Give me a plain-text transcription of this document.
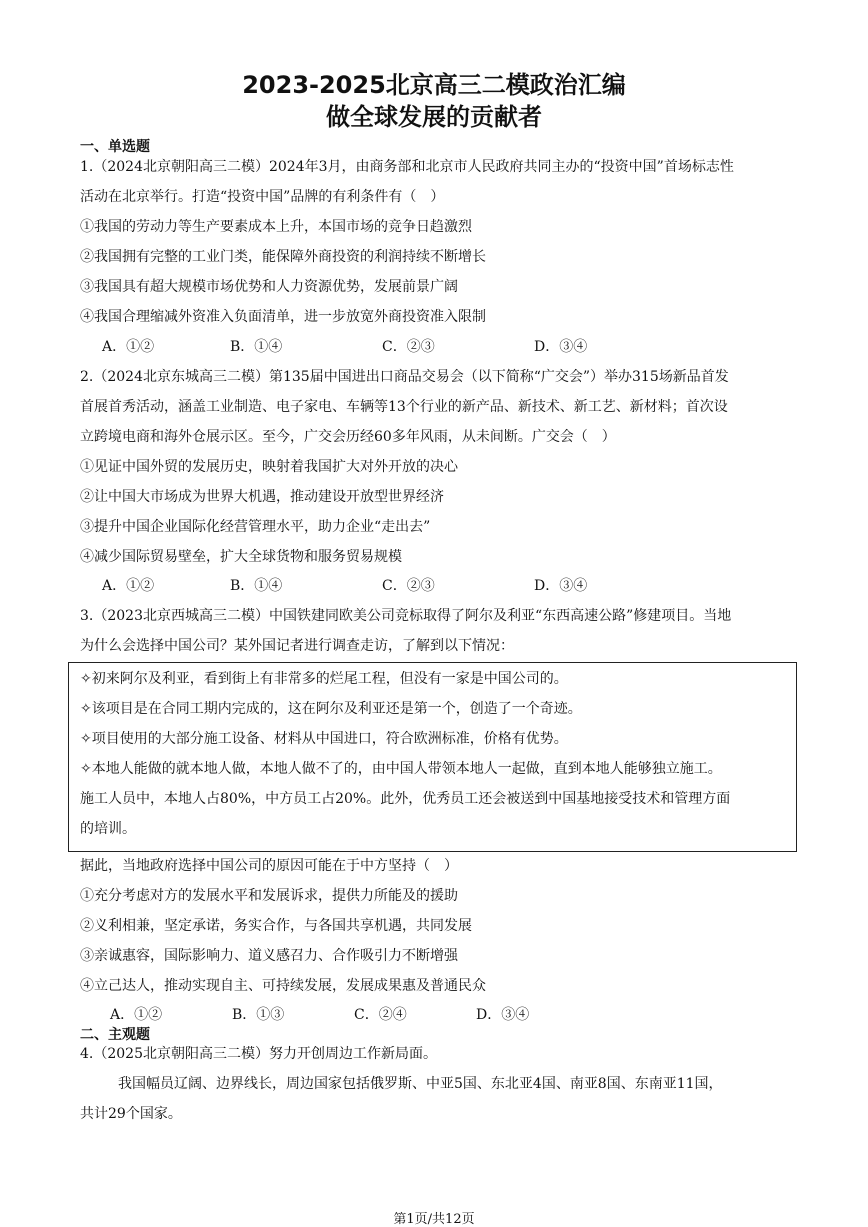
2023-2025北京高三二模政治汇编
做全球发展的贡献者
一、单选题
1.（2024北京朝阳高三二模）2024年3月，由商务部和北京市人民政府共同主办的“投资中国”首场标志性
活动在北京举行。打造“投资中国”品牌的有利条件有（　）
①我国的劳动力等生产要素成本上升，本国市场的竞争日趋激烈
②我国拥有完整的工业门类，能保障外商投资的利润持续不断增长
③我国具有超大规模市场优势和人力资源优势，发展前景广阔
④我国合理缩减外资准入负面清单，进一步放宽外商投资准入限制
A．①②	B．①④	C．②③	D．③④
2.（2024北京东城高三二模）第135届中国进出口商品交易会（以下简称“广交会”）举办315场新品首发
首展首秀活动，涵盖工业制造、电子家电、车辆等13个行业的新产品、新技术、新工艺、新材料；首次设
立跨境电商和海外仓展示区。至今，广交会历经60多年风雨，从未间断。广交会（　）
①见证中国外贸的发展历史，映射着我国扩大对外开放的决心
②让中国大市场成为世界大机遇，推动建设开放型世界经济
③提升中国企业国际化经营管理水平，助力企业“走出去”
④减少国际贸易壁垒，扩大全球货物和服务贸易规模
A．①②	B．①④	C．②③	D．③④
3.（2023北京西城高三二模）中国铁建同欧美公司竞标取得了阿尔及利亚“东西高速公路”修建项目。当地
为什么会选择中国公司？某外国记者进行调查走访，了解到以下情况：
✧初来阿尔及利亚，看到街上有非常多的烂尾工程，但没有一家是中国公司的。
✧该项目是在合同工期内完成的，这在阿尔及利亚还是第一个，创造了一个奇迹。
✧项目使用的大部分施工设备、材料从中国进口，符合欧洲标准，价格有优势。
✧本地人能做的就本地人做，本地人做不了的，由中国人带领本地人一起做，直到本地人能够独立施工。
施工人员中，本地人占80%，中方员工占20%。此外，优秀员工还会被送到中国基地接受技术和管理方面
的培训。
据此，当地政府选择中国公司的原因可能在于中方坚持（　）
①充分考虑对方的发展水平和发展诉求，提供力所能及的援助
②义利相兼，坚定承诺，务实合作，与各国共享机遇，共同发展
③亲诚惠容，国际影响力、道义感召力、合作吸引力不断增强
④立己达人，推动实现自主、可持续发展，发展成果惠及普通民众
A．①②	B．①③	C．②④	D．③④
二、主观题
4.（2025北京朝阳高三二模）努力开创周边工作新局面。
我国幅员辽阔、边界线长，周边国家包括俄罗斯、中亚5国、东北亚4国、南亚8国、东南亚11国，
共计29个国家。
第1页/共12页
